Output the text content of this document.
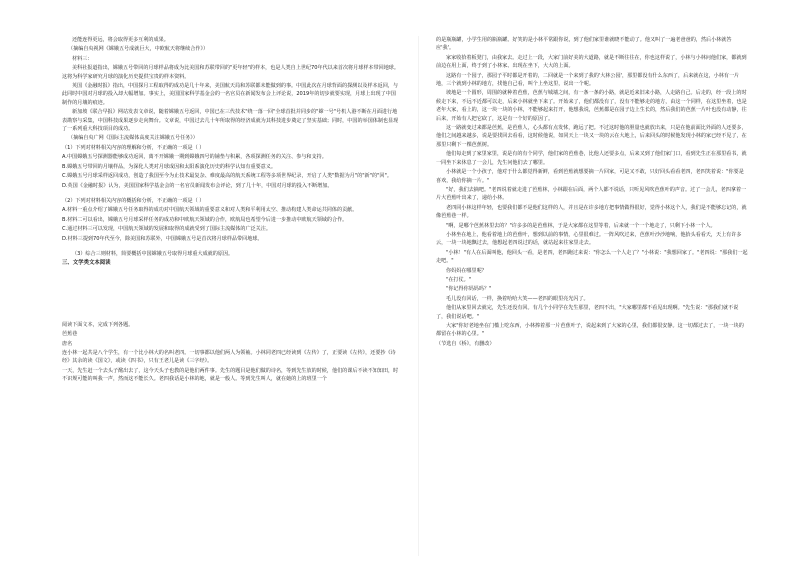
还能连得更远，将会取得更多互利的成果。

（摘编自央视网《嫦娥五号成就巨大，中欧航天将继续合作》）

材料三：

美科社报道指出，嫦娥五号带回的月球样品将成为比美国和苏联带回的"更年轻"的样本，也是人类自上世纪70年代以来首次将月球样本带回地球。这将为科学家研究月球的演化历史提供宝贵的样本资料。

英国《金融时报》指出，中国探月工程取得的成功是几十年来，美国航天局和苏联都未能做到的事。中国此次在月球背面的探测以及样本返回，与此同时中国对月球的投入却大幅增加。事实上，美国国家科学基金会的一名官员在新闻发布会上评论说，2019年的切步就要实现，月球上出现了中国制作的月壤的痕迹。

新加坡《联合早报》网站发表文章说，随着嫦娥五号返回，中国已在三代技术"绕一落一回"全球首批并同步的"嫦一号"号机人港不断在月面进行地表勘察与采集，中国科技成果逐步走向舞台。文章说，中国过去几十年所取得的经济成就为其科技进步奠定了坚实基础；同时，中国的举国体制也显现了一系列重大科技项目的成功。

（摘编自央广网《国际主流媒体高度关注嫦娥五号任务》）

（1）下列对材料相关内容的理解和分析，不正确的一项是（ ）

A.中国嫦娥五号探测器能够成功返回，离不开嫦娥一期到嫦娥四号的铺垫与积累，各项探测任务的关注、参与和支持。

B.嫦娥五号带回的月壤样品，为深化人类对月球成因和太阳系演化历史的科学认知有重要意义。

C.嫦娥五号月球采样返回成功，创造了我国至今为止技术最复杂、难度最高的航天系统工程等多项世界纪录，开启了人类"数据为月"的"新"的"回"。

D.英国《金融时报》认为，美国国家科学基金会的一名官员新闻发布会评论，到了几十年，中国对月球的投入不断增加。

（2）下列对材料相关内容的概括和分析，不正确的一项是（ ）

A.材料一重点介绍了嫦娥五号任务取得的成功对中国航天领域的重要意义和对人类和平利用太空、推动构建人类命运共同体的贡献。

B.材料二可以看出，嫦娥五号月球采样任务的成功和中欧航天领域的合作，欧航局也希望今后进一步推动中欧航天领域的合作。

C.通过材料三可以发现，中国航天领域的发展和取得的成就受到了国际主流媒体的广泛关注。

D.材料三提到70年代至今，除美国和苏联外，中国嫦娥五号是首次将月球样品带回地球。

（3）综合三则材料，简要概括中国嫦娥五号取得月球重大成就的原因。

三、文学类文本阅读

阅读下面文本，完成下列各题。

芭蕉巷

唐名

连小林一起共是八个学生，有一个比小林大的名叫老四。一切事都以他们两人为领袖。小林同老四已经读到《左传》了，正要读《左传》，还要抄《诗经》其余的读《国文》，或读《四书》，只有王老儿是读《三字经》。

一天，先生赶一个去头子酩出去了，这今天头子也教的是他们两件事。先生的题目是他们做的诗名，等到先生放的时候，他们的课后不读不知知田，时不识规可能的叫我一声，然而这不能长久。老四我话是小林的地，就是一般人。等到先生叫人，就在她的上的班里一个

的是瓶瓶罐，小学生用的瓶瓶罐。好笑的是小林平常跟你说，到了他们家里谁就晓不能动了。他又叫了一遍老爸爸的，然后小林就答应'我'。

家家收拾着板凳门，由我家去。走过上一段，大家门前好美的大道路，就是不断往往在，你也这样说了，小林与小林问他们家，都就到前边在用上面，终于到了小林家、出现在坐下，大大的上面。

这路有一个园子，那园子平时都是开着的，二回就是一个来到了我的'大林公园'，那里都没有什么东西了，后来就在这，小林有一片地，三个就到小林的地方，找他自己看，叫个上坐这里，说出一个呢。

坡地是一个圆形，周围的就种着芭蕉，芭蕉与城墙之间，有一条一条的小路，就是近来旧来小路，人走路自己。后走的，经一段上的时候走下来，不远不近都可以走，后来小林就坐下来了。开始来了，他们都没有了，没有不能够走的地方，由这一个同样，在这里坐着，也是老年大家，看上的，这一块一块的小林，不能够起来打开，他想我说，芭蕉都是在园子边上生长的，然后我们的芭蕉一片叶也没有动静，往后来，开始有人把它砍了，这是有一个好的原因了。

这一路就变过来都是芭蕉，是芭蕉人，心头都有点发怵，跑远了把。不过这时他的胆量也就放出来，只是在他前面比外面的人还要多，他们之间越来越多，说是要找回去看看，这时候他说，如同天上一块又一块的云在大地上，后来回头的时候他发现小林的家已经不见了，在那里只剩下一棵芭蕉树。

他们每走到了家里家里，说是有的有个同学，他们家的芭蕉巷，比他人还要多点，后来又到了他们家门口，看到先生正在那里看书，就一同坐下来休息了一会儿，先生问他们去了哪里。

小林就是一个小孩子，他对于什么都觉得新鲜，看到芭蕉就想要摘一片回家，可是又不敢，只好回头看看老四，老四笑着说："你要是喜欢，我给你摘一片。"

"好，我们去摘吧。"老四说着就走进了芭蕉林，小林跟在后面，两个人都不说话，只听见风吹芭蕉叶的声音。过了一会儿，老四拿着一片大芭蕉叶出来了，递给小林。

老四同小林这样年轻，也要我们都不是他们这样的人，并且是在许多地方把事情做得很好，觉得小林这个人，我们是不能够忘记的，就像芭蕉巷一样。

"啊，是哪个芭蕉林里去的？"许多多的是芭蕉林，于是大家都在这里等着，后来就一个一个地走了，只剩下小林一个人。

小林坐在地上，他看着地上的芭蕉叶，想到以前的事情，心里很难过。一阵风吹过来，芭蕉叶沙沙地响，他抬头看看天，天上有许多云，一块一块地飘过去，他想起老四说过的话，就站起来往家里走去。

"小林！"有人在后面叫他，他回头一看，是老四，老四跑过来说："你怎么一个人走了？"小林说："我想回家了。"老四说："那我们一起走吧。"

你妈妈在哪里呢？

"在打仗。"

"你记得你妈妈吗？"

毛儿没有回话，一样，换着哈哈大笑——老四的眼里亮光闪了。

他们从家里回去就完，先生还没有回。有几个小同学在先生那里，老四不出，"大家哪里都不看见出现啊。"先生说："那我们就不说了，我们说话吧。"

大家"你好老地坐在门槛上吃东西，小林捧着那一片芭蕉叶子，说起来到了大家的心里，我们都很安静。这一切都过去了，一块一块的都留在小林的心里。"

（节选自《桥》，有删改）
